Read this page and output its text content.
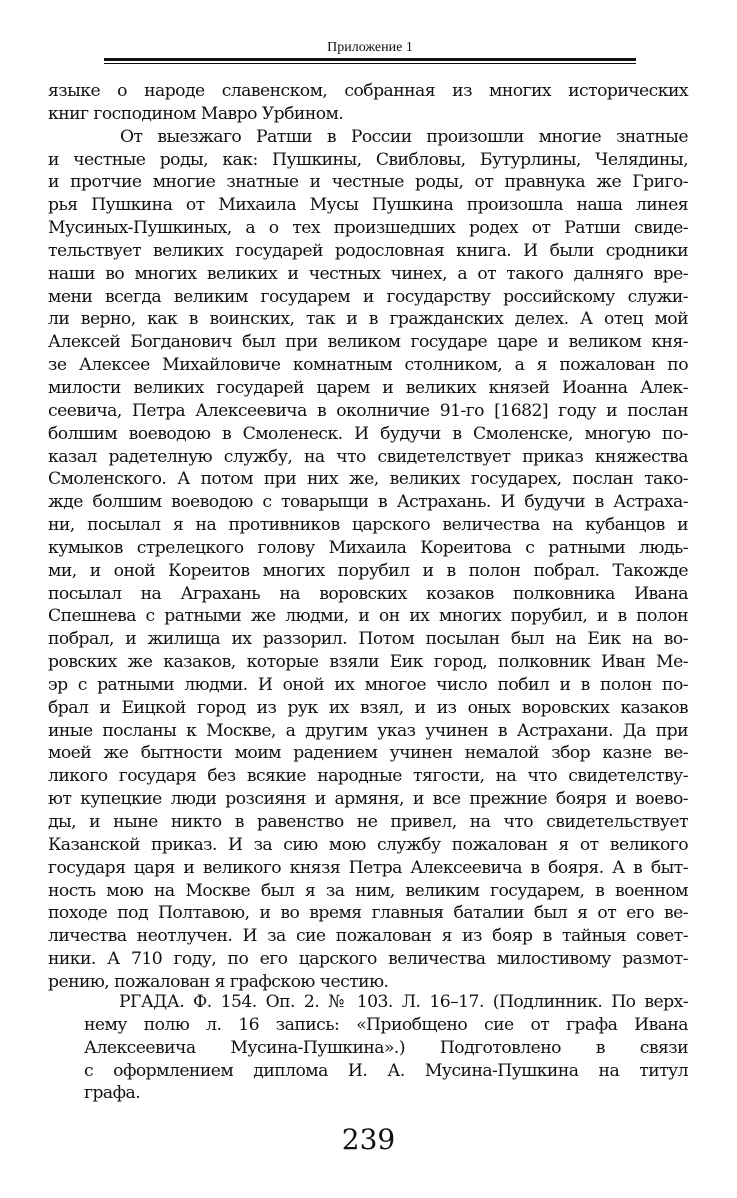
Приложение 1
языке о народе славенском, собранная из многих исторических
книг господином Мавро Урбином.
От выезжаго Ратши в России произошли многие знатные
и честные роды, как: Пушкины, Свибловы, Бутурлины, Челядины,
и протчие многие знатные и честные роды, от правнука же Григо-
рья Пушкина от Михаила Мусы Пушкина произошла наша линея
Мусиных-Пушкиных, а о тех произшедших родех от Ратши свиде-
тельствует великих государей родословная книга. И были сродники
наши во многих великих и честных чинех, а от такого далняго вре-
мени всегда великим государем и государству российскому служи-
ли верно, как в воинских, так и в гражданских делех. А отец мой
Алексей Богданович был при великом государе царе и великом кня-
зе Алексее Михайловиче комнатным столником, а я пожалован по
милости великих государей царем и великих князей Иоанна Алек-
сеевича, Петра Алексеевича в околничие 91-го [1682] году и послан
болшим воеводою в Смоленеск. И будучи в Смоленске, многую по-
казал радетелную службу, на что свидетелствует приказ княжества
Смоленского. А потом при них же, великих государех, послан тако-
жде болшим воеводою с товарыщи в Астрахань. И будучи в Астраха-
ни, посылал я на противников царского величества на кубанцов и
кумыков стрелецкого голову Михаила Кореитова с ратными людь-
ми, и оной Кореитов многих порубил и в полон побрал. Такожде
посылал на Аграхань на воровских козаков полковника Ивана
Спешнева с ратными же людми, и он их многих порубил, и в полон
побрал, и жилища их раззорил. Потом посылан был на Еик на во-
ровских же казаков, которые взяли Еик город, полковник Иван Ме-
эр с ратными людми. И оной их многое число побил и в полон по-
брал и Еицкой город из рук их взял, и из оных воровских казаков
иные посланы к Москве, а другим указ учинен в Астрахани. Да при
моей же бытности моим радением учинен немалой збор казне ве-
ликого государя без всякие народные тягости, на что свидетелству-
ют купецкие люди розсияня и армяня, и все прежние бояря и воево-
ды, и ныне никто в равенство не привел, на что свидетельствует
Казанской приказ. И за сию мою службу пожалован я от великого
государя царя и великого князя Петра Алексеевича в бояря. А в быт-
ность мою на Москве был я за ним, великим государем, в военном
походе под Полтавою, и во время главныя баталии был я от его ве-
личества неотлучен. И за сие пожалован я из бояр в тайныя совет-
ники. А 710 году, по его царского величества милостивому размот-
рению, пожалован я графскою честию.
РГАДА. Ф. 154. Оп. 2. № 103. Л. 16–17. (Подлинник. По верх-
нему полю л. 16 запись: «Приобщено сие от графа Ивана
Алексеевича Мусина-Пушкина».) Подготовлено в связи
с оформлением диплома И. А. Мусина-Пушкина на титул
графа.
239
